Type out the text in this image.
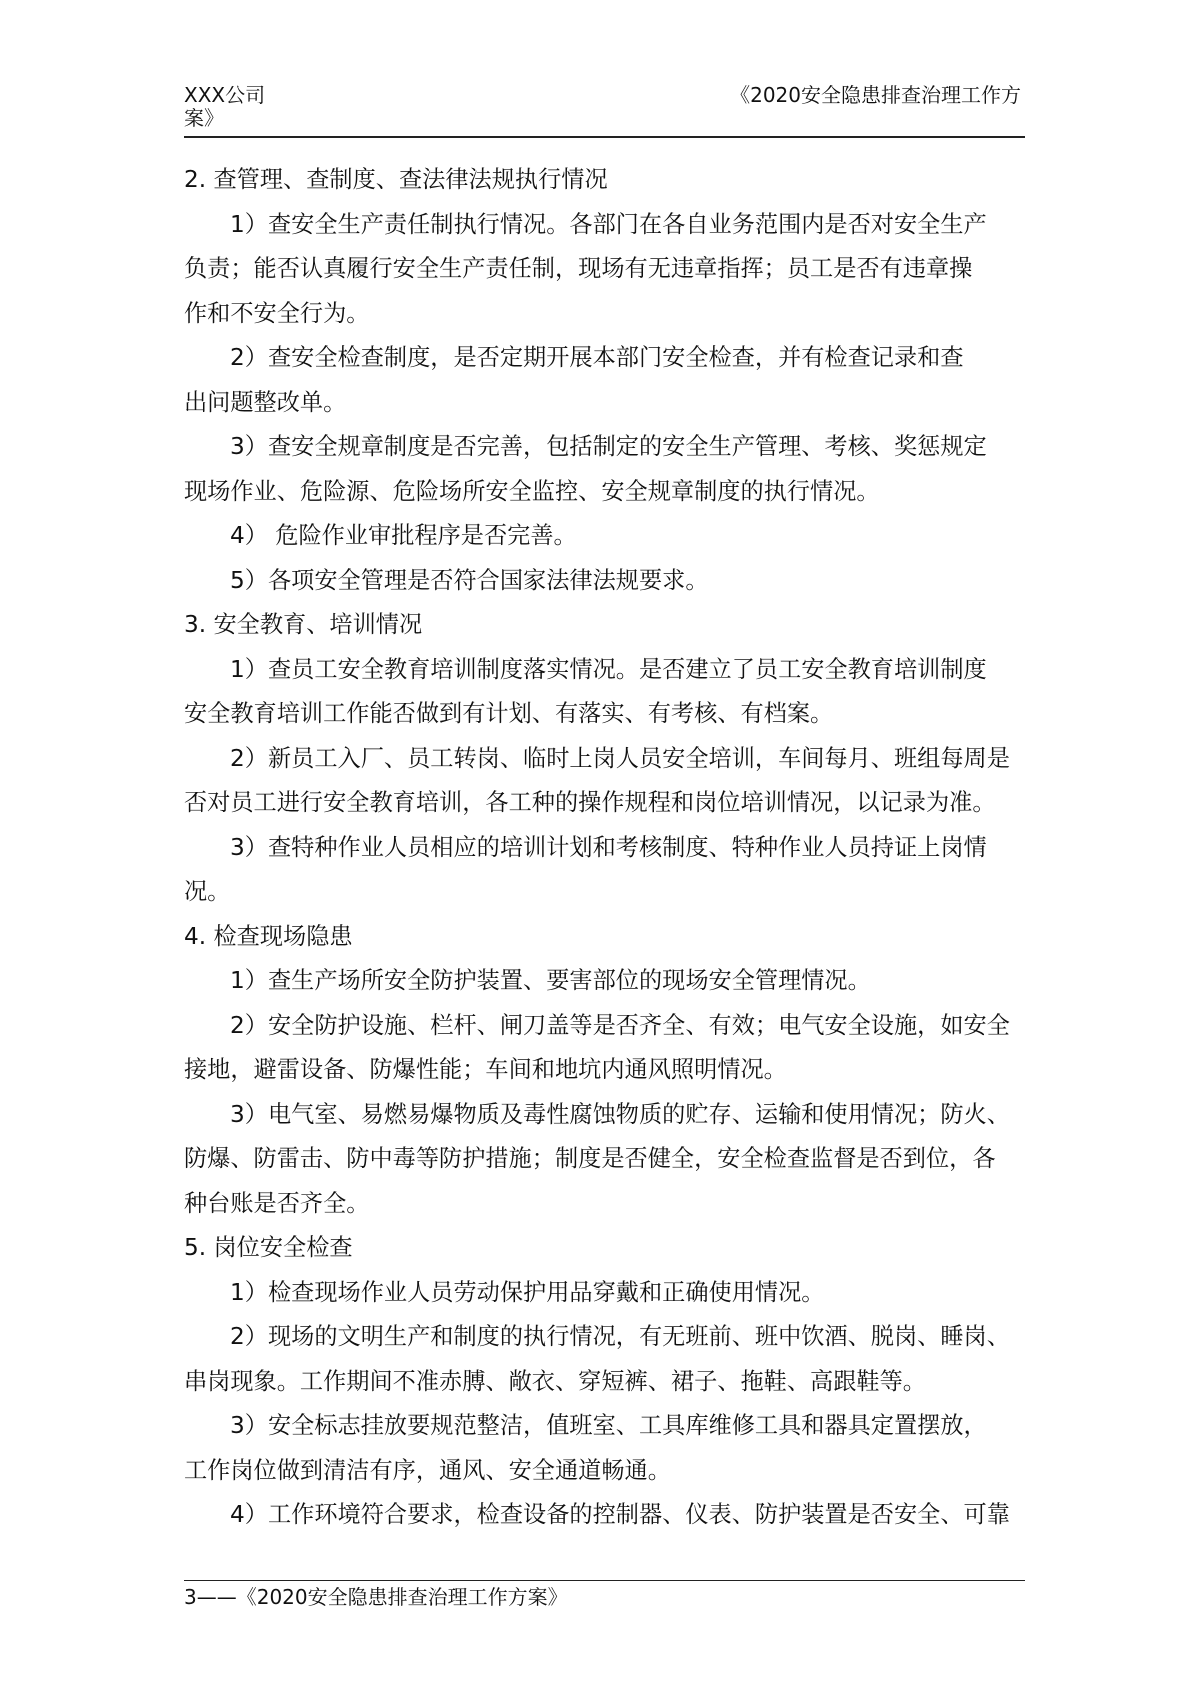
XXX公司
案》
《2020安全隐患排查治理工作方
2. 查管理、查制度、查法律法规执行情况
1）查安全生产责任制执行情况。各部门在各自业务范围内是否对安全生产
负责；能否认真履行安全生产责任制，现场有无违章指挥；员工是否有违章操
作和不安全行为。
2）查安全检查制度，是否定期开展本部门安全检查，并有检查记录和查
出问题整改单。
3）查安全规章制度是否完善，包括制定的安全生产管理、考核、奖惩规定
现场作业、危险源、危险场所安全监控、安全规章制度的执行情况。
4） 危险作业审批程序是否完善。
5）各项安全管理是否符合国家法律法规要求。
3. 安全教育、培训情况
1）查员工安全教育培训制度落实情况。是否建立了员工安全教育培训制度
安全教育培训工作能否做到有计划、有落实、有考核、有档案。
2）新员工入厂、员工转岗、临时上岗人员安全培训，车间每月、班组每周是
否对员工进行安全教育培训，各工种的操作规程和岗位培训情况，以记录为准。
3）查特种作业人员相应的培训计划和考核制度、特种作业人员持证上岗情
况。
4. 检查现场隐患
1）查生产场所安全防护装置、要害部位的现场安全管理情况。
2）安全防护设施、栏杆、闸刀盖等是否齐全、有效；电气安全设施，如安全
接地，避雷设备、防爆性能；车间和地坑内通风照明情况。
3）电气室、易燃易爆物质及毒性腐蚀物质的贮存、运输和使用情况；防火、
防爆、防雷击、防中毒等防护措施；制度是否健全，安全检查监督是否到位，各
种台账是否齐全。
5. 岗位安全检查
1）检查现场作业人员劳动保护用品穿戴和正确使用情况。
2）现场的文明生产和制度的执行情况，有无班前、班中饮酒、脱岗、睡岗、
串岗现象。工作期间不准赤膊、敞衣、穿短裤、裙子、拖鞋、高跟鞋等。
3）安全标志挂放要规范整洁，值班室、工具库维修工具和器具定置摆放，
工作岗位做到清洁有序，通风、安全通道畅通。
4）工作环境符合要求，检查设备的控制器、仪表、防护装置是否安全、可靠
3——《2020安全隐患排查治理工作方案》
